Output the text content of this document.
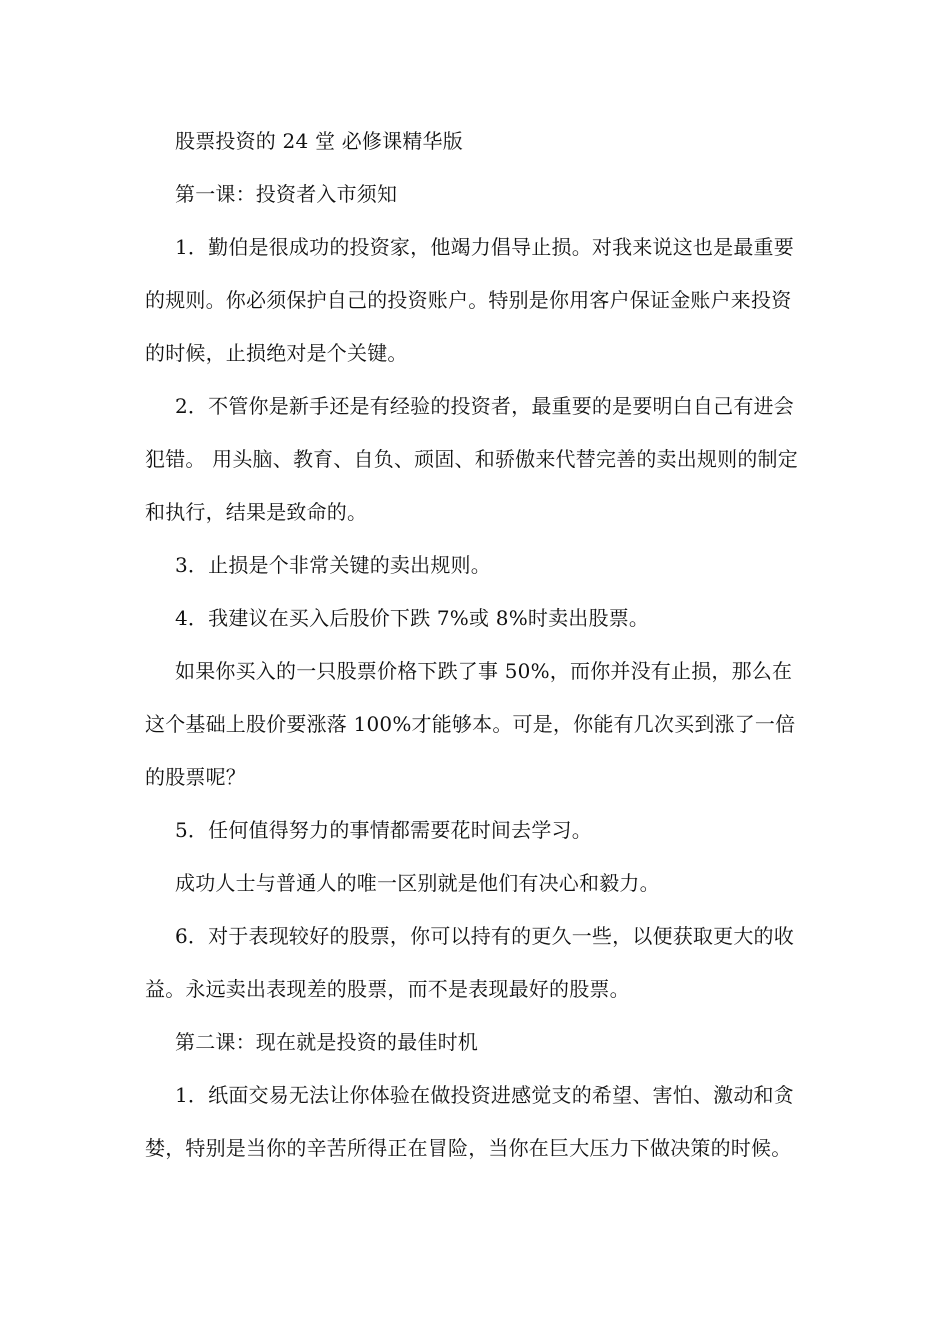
股票投资的 24 堂 必修课精华版

第一课：投资者入市须知

1．勤伯是很成功的投资家，他竭力倡导止损。对我来说这也是最重要的规则。你必须保护自己的投资账户。特别是你用客户保证金账户来投资的时候，止损绝对是个关键。

2．不管你是新手还是有经验的投资者，最重要的是要明白自己有进会犯错。 用头脑、教育、自负、顽固、和骄傲来代替完善的卖出规则的制定和执行，结果是致命的。

3．止损是个非常关键的卖出规则。

4．我建议在买入后股价下跌 7%或 8%时卖出股票。

如果你买入的一只股票价格下跌了事 50%，而你并没有止损，那么在这个基础上股价要涨落 100%才能够本。可是，你能有几次买到涨了一倍的股票呢？

5．任何值得努力的事情都需要花时间去学习。

成功人士与普通人的唯一区别就是他们有决心和毅力。

6．对于表现较好的股票，你可以持有的更久一些，以便获取更大的收益。永远卖出表现差的股票，而不是表现最好的股票。

第二课：现在就是投资的最佳时机

1．纸面交易无法让你体验在做投资进感觉支的希望、害怕、激动和贪婪，特别是当你的辛苦所得正在冒险，当你在巨大压力下做决策的时候。
